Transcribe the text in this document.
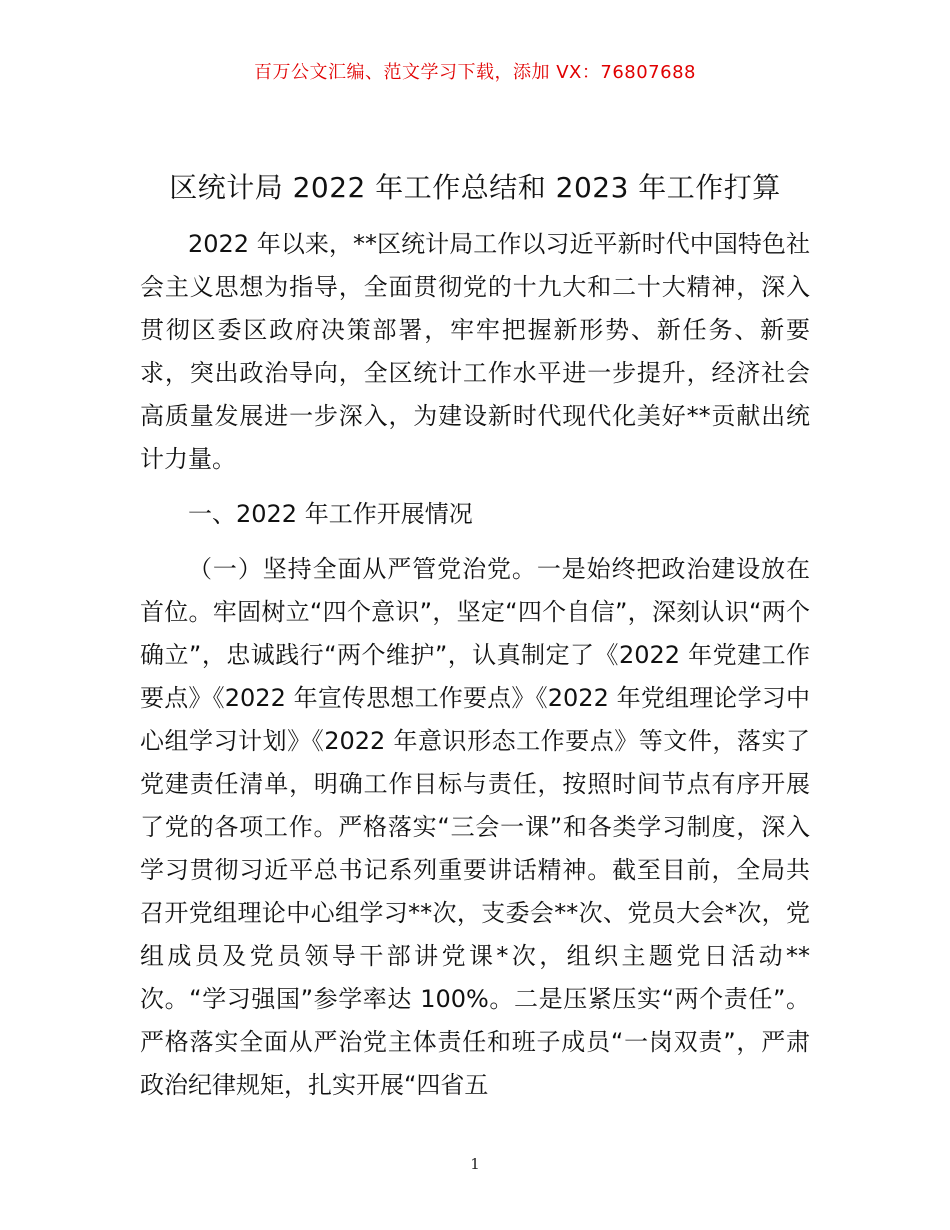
百万公文汇编、范文学习下载，添加 VX：76807688
区统计局 2022 年工作总结和 2023 年工作打算

2022 年以来，**区统计局工作以习近平新时代中国特色社会主义思想为指导，全面贯彻党的十九大和二十大精神，深入贯彻区委区政府决策部署，牢牢把握新形势、新任务、新要求，突出政治导向，全区统计工作水平进一步提升，经济社会高质量发展进一步深入，为建设新时代现代化美好**贡献出统计力量。

一、2022 年工作开展情况

（一）坚持全面从严管党治党。一是始终把政治建设放在首位。牢固树立“四个意识”，坚定“四个自信”，深刻认识“两个确立”，忠诚践行“两个维护”，认真制定了《2022 年党建工作要点》《2022 年宣传思想工作要点》《2022 年党组理论学习中心组学习计划》《2022 年意识形态工作要点》等文件，落实了党建责任清单，明确工作目标与责任，按照时间节点有序开展了党的各项工作。严格落实“三会一课”和各类学习制度，深入学习贯彻习近平总书记系列重要讲话精神。截至目前，全局共召开党组理论中心组学习**次，支委会**次、党员大会*次，党组成员及党员领导干部讲党课*次，组织主题党日活动**次。“学习强国”参学率达 100%。二是压紧压实“两个责任”。严格落实全面从严治党主体责任和班子成员“一岗双责”，严肃政治纪律规矩，扎实开展“四省五

1
